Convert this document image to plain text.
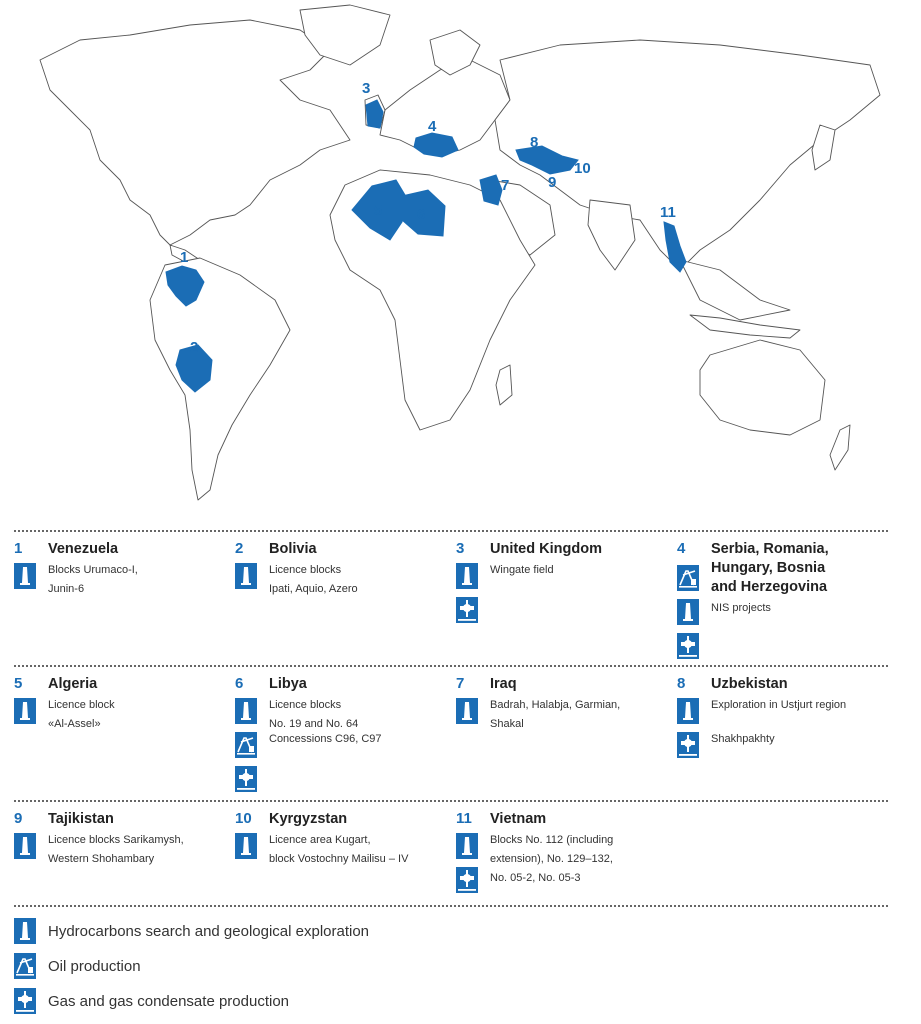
1
2
3
4
5 6
7
8
9
10
11
1 Venezuela
Blocks Urumaco-I,
Junin-6
2 Bolivia
Licence blocks
Ipati, Aquio, Azero
3 United Kingdom
Wingate field
4 Serbia, Romania,
Hungary, Bosnia
and Herzegovina
NIS projects
5 Algeria
Licence block
«Al-Assel»
6 Libya
Licence blocks
No. 19 and No. 64
Concessions C96, C97
7 Iraq
Badrah, Halabja, Garmian,
Shakal
8 Uzbekistan
Exploration in Ustjurt region
Shakhpakhty
9 Tajikistan
Licence blocks Sarikamysh,
Western Shohambary
10 Kyrgyzstan
Licence area Kugart,
block Vostochny Mailisu – IV
11 Vietnam
Blocks No. 112 (including
extension), No. 129–132,
No. 05-2, No. 05-3
Hydrocarbons search and geological exploration
Oil production
Gas and gas condensate production
